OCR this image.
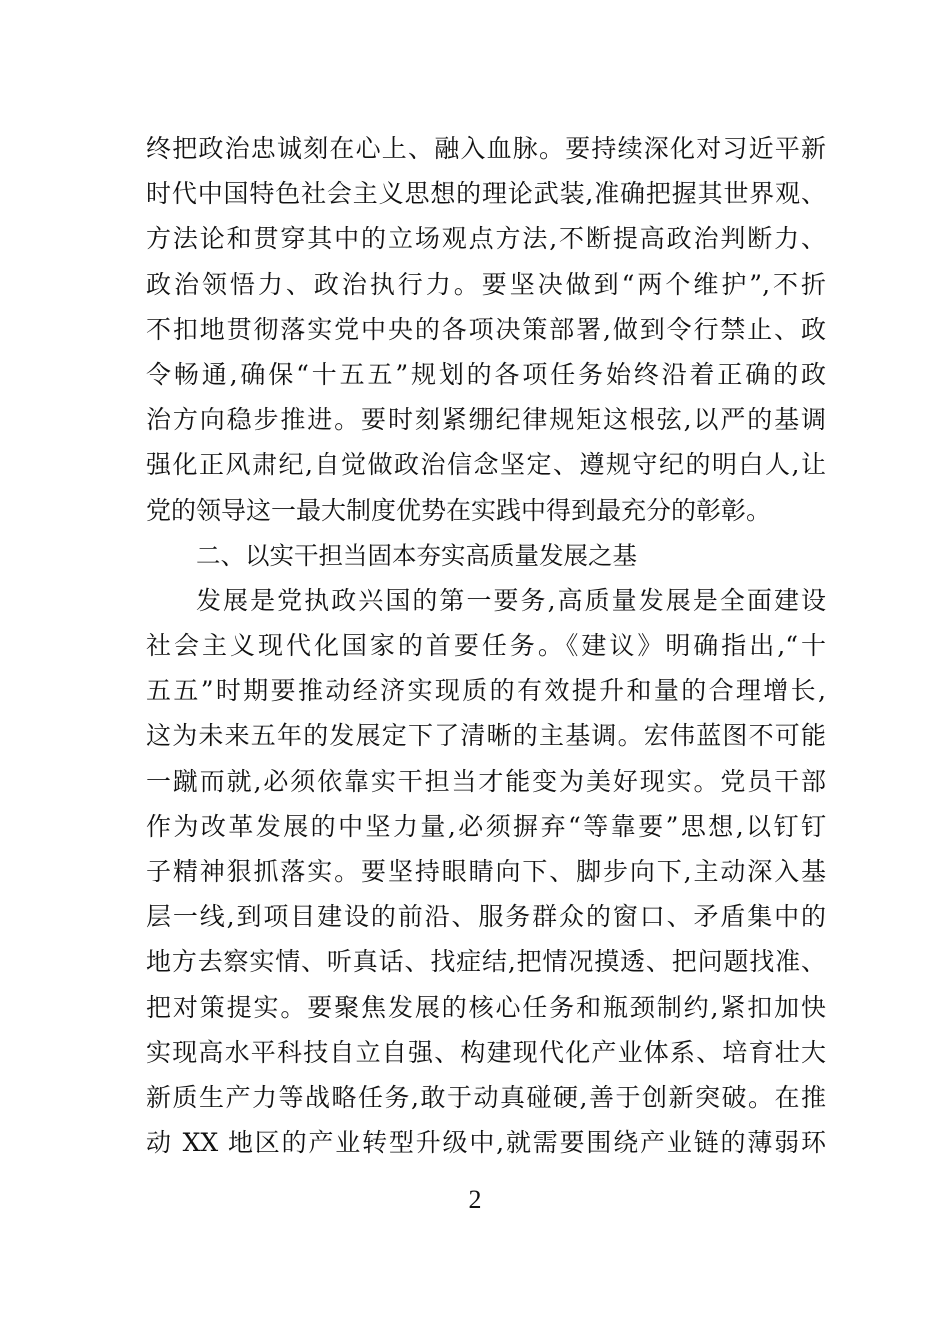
终把政治忠诚刻在心上、融入血脉。要持续深化对习近平新
时代中国特色社会主义思想的理论武装,准确把握其世界观、
方法论和贯穿其中的立场观点方法,不断提高政治判断力、
政治领悟力、政治执行力。要坚决做到“两个维护”,不折
不扣地贯彻落实党中央的各项决策部署,做到令行禁止、政
令畅通,确保“十五五”规划的各项任务始终沿着正确的政
治方向稳步推进。要时刻紧绷纪律规矩这根弦,以严的基调
强化正风肃纪,自觉做政治信念坚定、遵规守纪的明白人,让
党的领导这一最大制度优势在实践中得到最充分的彰彰。
二、以实干担当固本夯实高质量发展之基
发展是党执政兴国的第一要务,高质量发展是全面建设
社会主义现代化国家的首要任务。《建议》明确指出,“十
五五”时期要推动经济实现质的有效提升和量的合理增长,
这为未来五年的发展定下了清晰的主基调。宏伟蓝图不可能
一蹴而就,必须依靠实干担当才能变为美好现实。党员干部
作为改革发展的中坚力量,必须摒弃“等靠要”思想,以钉钉
子精神狠抓落实。要坚持眼睛向下、脚步向下,主动深入基
层一线,到项目建设的前沿、服务群众的窗口、矛盾集中的
地方去察实情、听真话、找症结,把情况摸透、把问题找准、
把对策提实。要聚焦发展的核心任务和瓶颈制约,紧扣加快
实现高水平科技自立自强、构建现代化产业体系、培育壮大
新质生产力等战略任务,敢于动真碰硬,善于创新突破。在推
动 XX 地区的产业转型升级中,就需要围绕产业链的薄弱环
2
